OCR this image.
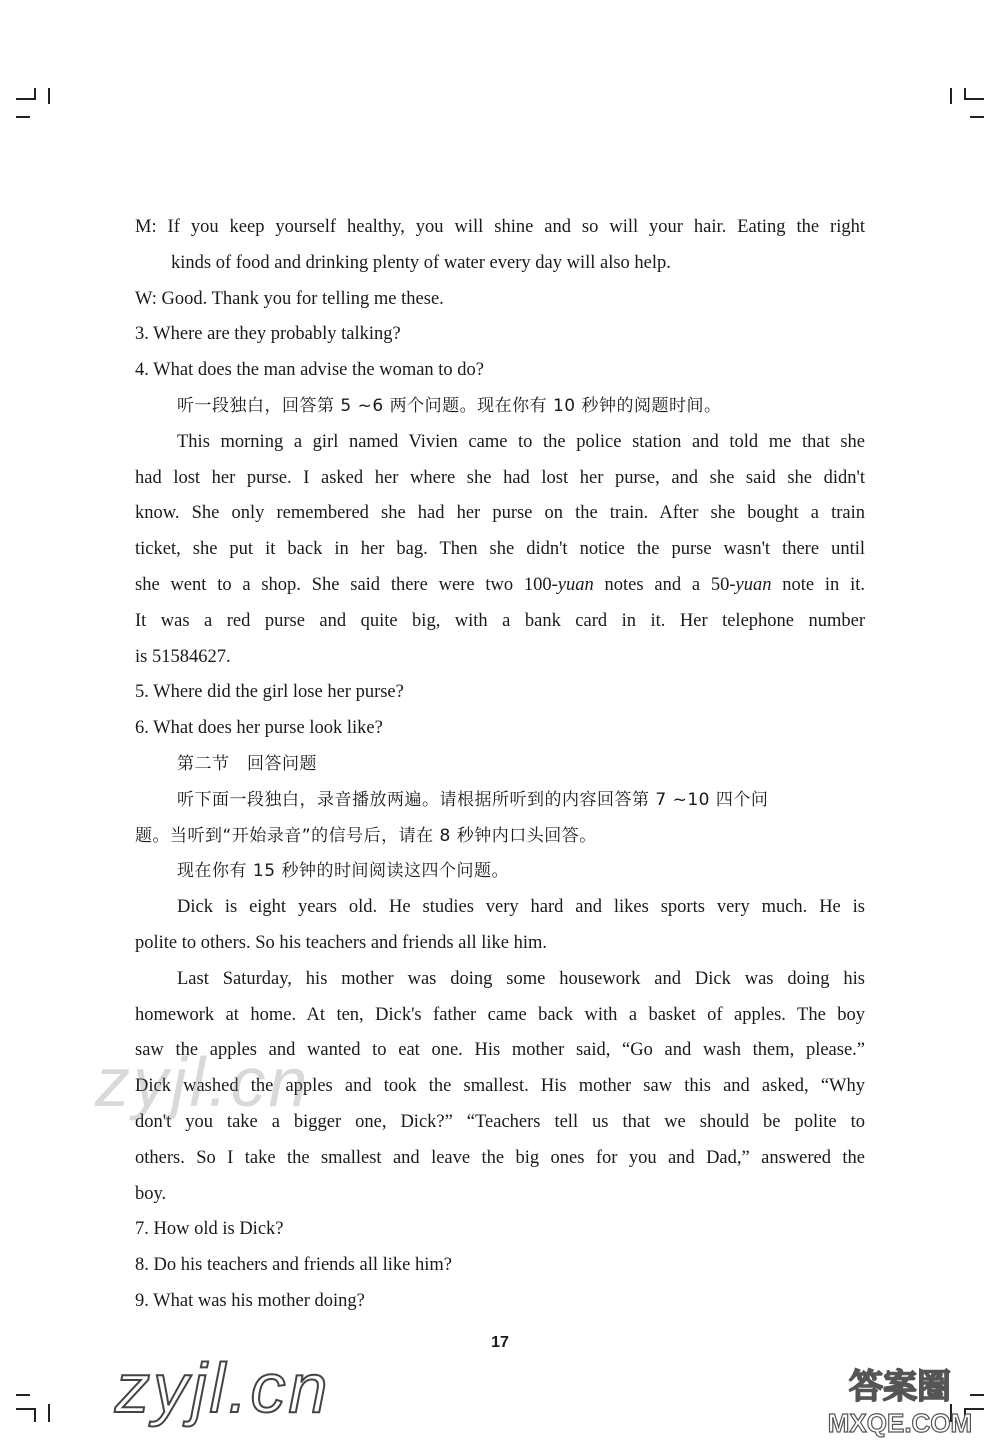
M: If you keep yourself healthy, you will shine and so will your hair. Eating the right
kinds of food and drinking plenty of water every day will also help.
W: Good. Thank you for telling me these.
3. Where are they probably talking?
4. What does the man advise the woman to do?
听一段独白，回答第 5 ~6 两个问题。现在你有 10 秒钟的阅题时间。
This morning a girl named Vivien came to the police station and told me that she
had lost her purse. I asked her where she had lost her purse, and she said she didn't
know. She only remembered she had her purse on the train. After she bought a train
ticket, she put it back in her bag. Then she didn't notice the purse wasn't there until
she went to a shop. She said there were two 100-yuan notes and a 50-yuan note in it.
It was a red purse and quite big, with a bank card in it. Her telephone number
is 51584627.
5. Where did the girl lose her purse?
6. What does her purse look like?
第二节　回答问题
听下面一段独白，录音播放两遍。请根据所听到的内容回答第 7 ~10 四个问
题。当听到“开始录音”的信号后，请在 8 秒钟内口头回答。
现在你有 15 秒钟的时间阅读这四个问题。
Dick is eight years old. He studies very hard and likes sports very much. He is
polite to others. So his teachers and friends all like him.
Last Saturday, his mother was doing some housework and Dick was doing his
homework at home. At ten, Dick's father came back with a basket of apples. The boy
saw the apples and wanted to eat one. His mother said, “Go and wash them, please.”
Dick washed the apples and took the smallest. His mother saw this and asked, “Why
don't you take a bigger one, Dick?” “Teachers tell us that we should be polite to
others. So I take the smallest and leave the big ones for you and Dad,” answered the
boy.
7. How old is Dick?
8. Do his teachers and friends all like him?
9. What was his mother doing?
17
zyjl.cn
zyjl.cn	答案圈
MXQE.COM
